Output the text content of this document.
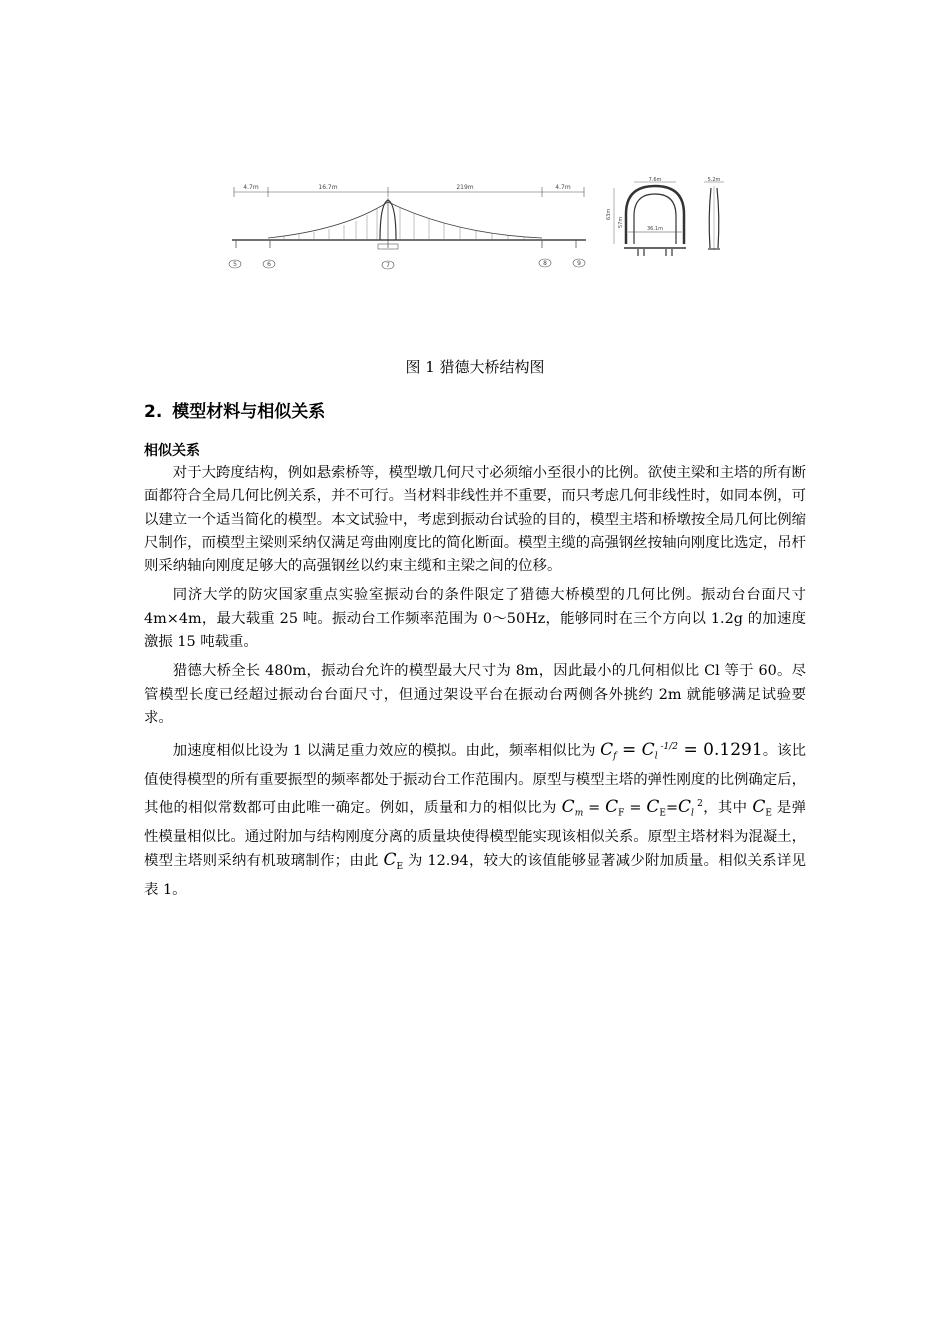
4.7m	16.7m	219m	4.7m
5	6	7	8	9
7.6m
63m
57m
36.1m
5.2m
图 1 猎德大桥结构图
2. 模型材料与相似关系
相似关系

对于大跨度结构，例如悬索桥等，模型墩几何尺寸必须缩小至很小的比例。欲使主梁和主塔的所有断面都符合全局几何比例关系，并不可行。当材料非线性并不重要，而只考虑几何非线性时，如同本例，可以建立一个适当简化的模型。本文试验中，考虑到振动台试验的目的，模型主塔和桥墩按全局几何比例缩尺制作，而模型主梁则采纳仅满足弯曲刚度比的简化断面。模型主缆的高强钢丝按轴向刚度比选定，吊杆则采纳轴向刚度足够大的高强钢丝以约束主缆和主梁之间的位移。

同济大学的防灾国家重点实验室振动台的条件限定了猎德大桥模型的几何比例。振动台台面尺寸 4m×4m，最大载重 25 吨。振动台工作频率范围为 0～50Hz，能够同时在三个方向以 1.2g 的加速度激振 15 吨载重。

猎德大桥全长 480m，振动台允许的模型最大尺寸为 8m，因此最小的几何相似比 Cl 等于 60。尽管模型长度已经超过振动台台面尺寸，但通过架设平台在振动台两侧各外挑约 2m 就能够满足试验要求。

加速度相似比设为 1 以满足重力效应的模拟。由此，频率相似比为 $C_f = C_l$ $^{-1/2}$ = 0.1291。该比值使得模型的所有重要振型的频率都处于振动台工作范围内。原型与模型主塔的弹性刚度的比例确定后，其他的相似常数都可由此唯一确定。例如，质量和力的相似比为 $C_m = C_F = C_E=C_l$ $^2$，其中 $C_E$ 是弹性模量相似比。通过附加与结构刚度分离的质量块使得模型能实现该相似关系。原型主塔材料为混凝土，模型主塔则采纳有机玻璃制作；由此 $C_E$ 为 12.94，较大的该值能够显著减少附加质量。相似关系详见表 1。
